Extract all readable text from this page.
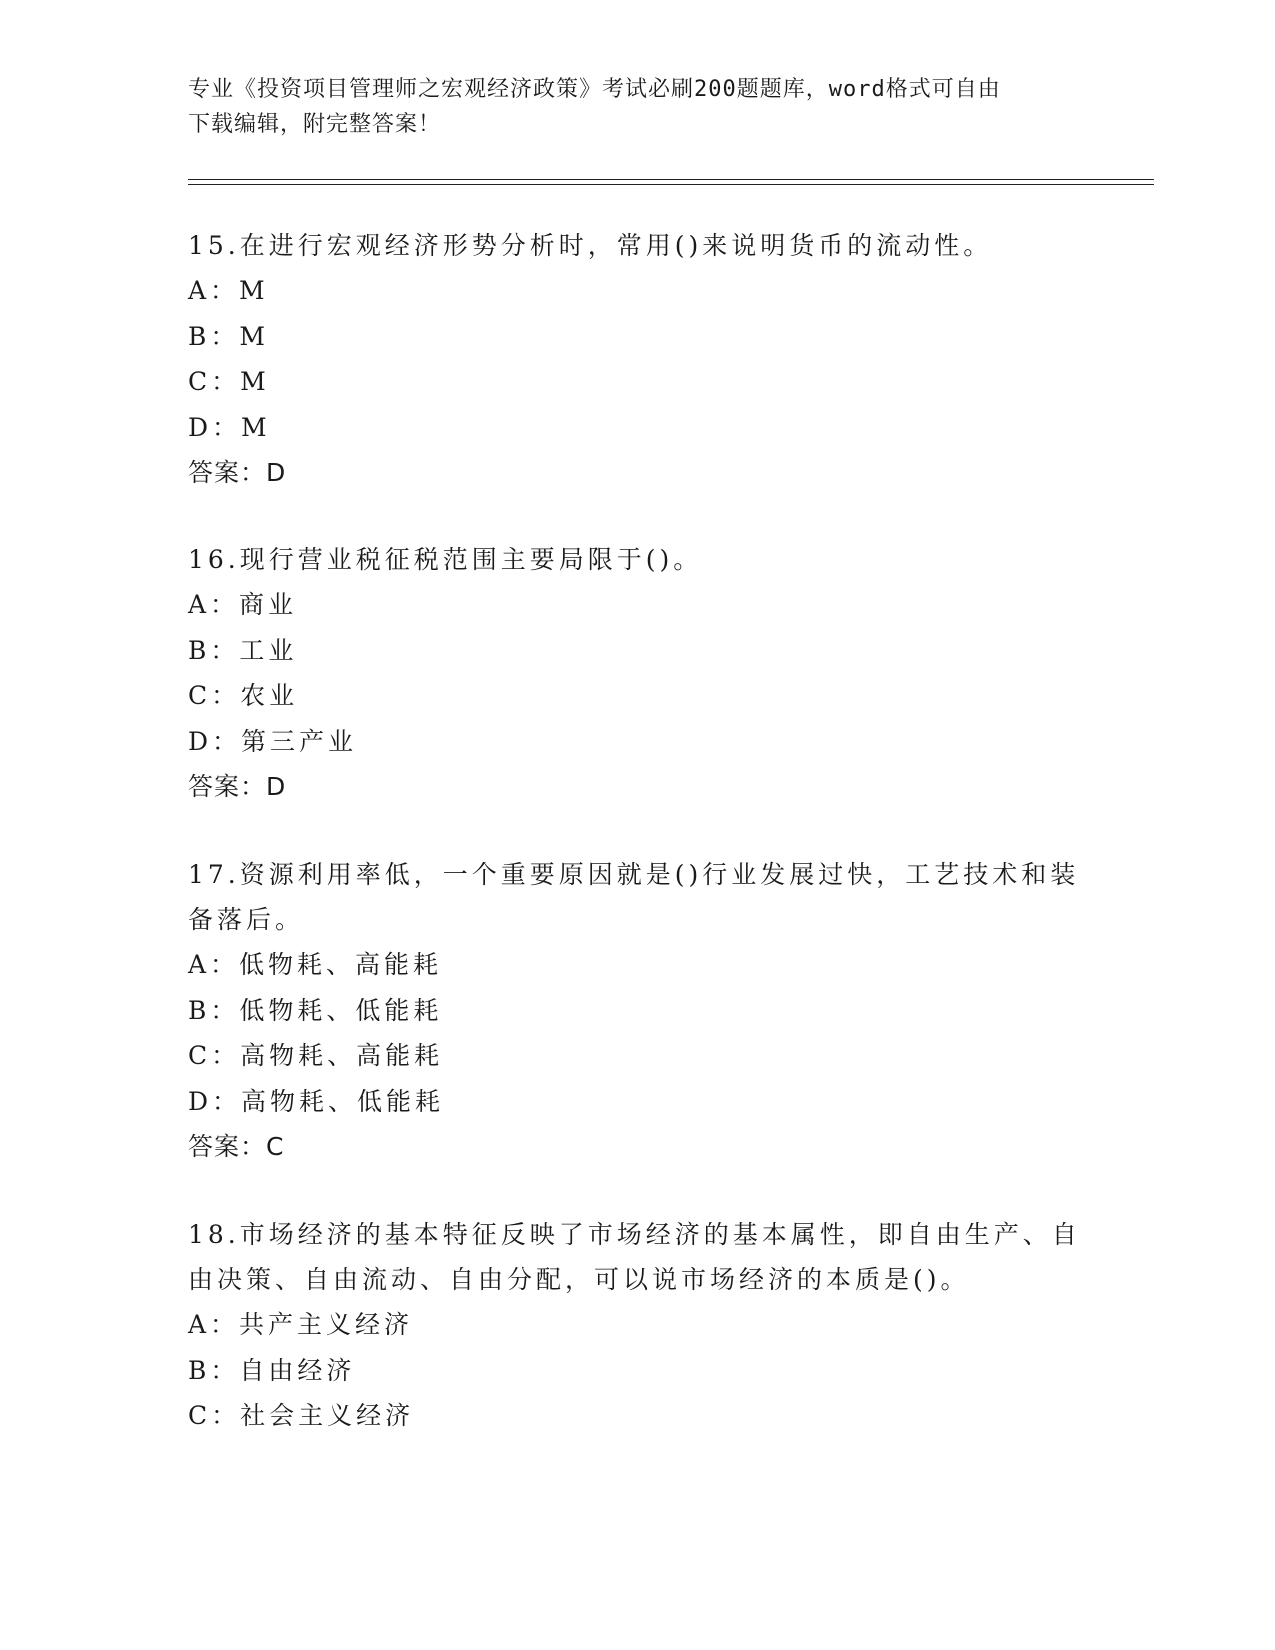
专业《投资项目管理师之宏观经济政策》考试必刷200题题库，word格式可自由
下载编辑，附完整答案！
15.在进行宏观经济形势分析时，常用()来说明货币的流动性。
A：M
B：M
C：M
D：M
答案：D
16.现行营业税征税范围主要局限于()。
A：商业
B：工业
C：农业
D：第三产业
答案：D
17.资源利用率低，一个重要原因就是()行业发展过快，工艺技术和装
备落后。
A：低物耗、高能耗
B：低物耗、低能耗
C：高物耗、高能耗
D：高物耗、低能耗
答案：C
18.市场经济的基本特征反映了市场经济的基本属性，即自由生产、自
由决策、自由流动、自由分配，可以说市场经济的本质是()。
A：共产主义经济
B：自由经济
C：社会主义经济
